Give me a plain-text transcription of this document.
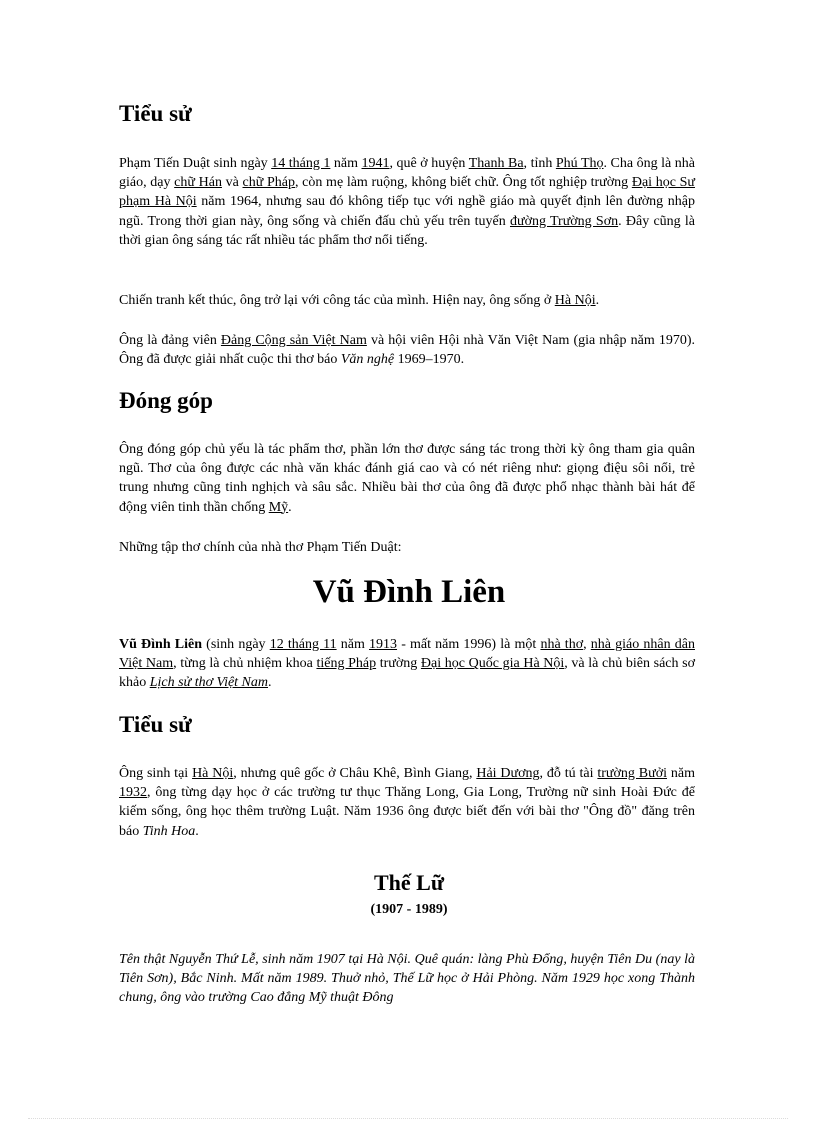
Tiểu sử

Phạm Tiến Duật sinh ngày 14 tháng 1 năm 1941, quê ở huyện Thanh Ba, tỉnh Phú Thọ. Cha ông là nhà giáo, dạy chữ Hán và chữ Pháp, còn mẹ làm ruộng, không biết chữ. Ông tốt nghiệp trường Đại học Sư phạm Hà Nội năm 1964, nhưng sau đó không tiếp tục với nghề giáo mà quyết định lên đường nhập ngũ. Trong thời gian này, ông sống và chiến đấu chủ yếu trên tuyến đường Trường Sơn. Đây cũng là thời gian ông sáng tác rất nhiều tác phẩm thơ nổi tiếng.

Chiến tranh kết thúc, ông trở lại với công tác của mình. Hiện nay, ông sống ở Hà Nội.

Ông là đảng viên Đảng Cộng sản Việt Nam và hội viên Hội nhà Văn Việt Nam (gia nhập năm 1970). Ông đã được giải nhất cuộc thi thơ báo Văn nghệ 1969–1970.

Đóng góp

Ông đóng góp chủ yếu là tác phẩm thơ, phần lớn thơ được sáng tác trong thời kỳ ông tham gia quân ngũ. Thơ của ông được các nhà văn khác đánh giá cao và có nét riêng như: giọng điệu sôi nổi, trẻ trung nhưng cũng tinh nghịch và sâu sắc. Nhiều bài thơ của ông đã được phổ nhạc thành bài hát để động viên tinh thần chống Mỹ.

Những tập thơ chính của nhà thơ Phạm Tiến Duật:

Vũ Đình Liên

Vũ Đình Liên (sinh ngày 12 tháng 11 năm 1913 - mất năm 1996) là một nhà thơ, nhà giáo nhân dân Việt Nam, từng là chủ nhiệm khoa tiếng Pháp trường Đại học Quốc gia Hà Nội, và là chủ biên sách sơ khảo Lịch sử thơ Việt Nam.

Tiểu sử

Ông sinh tại Hà Nội, nhưng quê gốc ở Châu Khê, Bình Giang, Hải Dương, đỗ tú tài trường Bưởi năm 1932, ông từng dạy học ở các trường tư thục Thăng Long, Gia Long, Trường nữ sinh Hoài Đức để kiếm sống, ông học thêm trường Luật. Năm 1936 ông được biết đến với bài thơ "Ông đồ" đăng trên báo Tinh Hoa.

Thế Lữ
(1907 - 1989)

Tên thật Nguyễn Thứ Lễ, sinh năm 1907 tại Hà Nội. Quê quán: làng Phù Đổng, huyện Tiên Du (nay là Tiên Sơn), Bắc Ninh. Mất năm 1989. Thuở nhỏ, Thế Lữ học ở Hải Phòng. Năm 1929 học xong Thành chung, ông vào trường Cao đẳng Mỹ thuật Đông
